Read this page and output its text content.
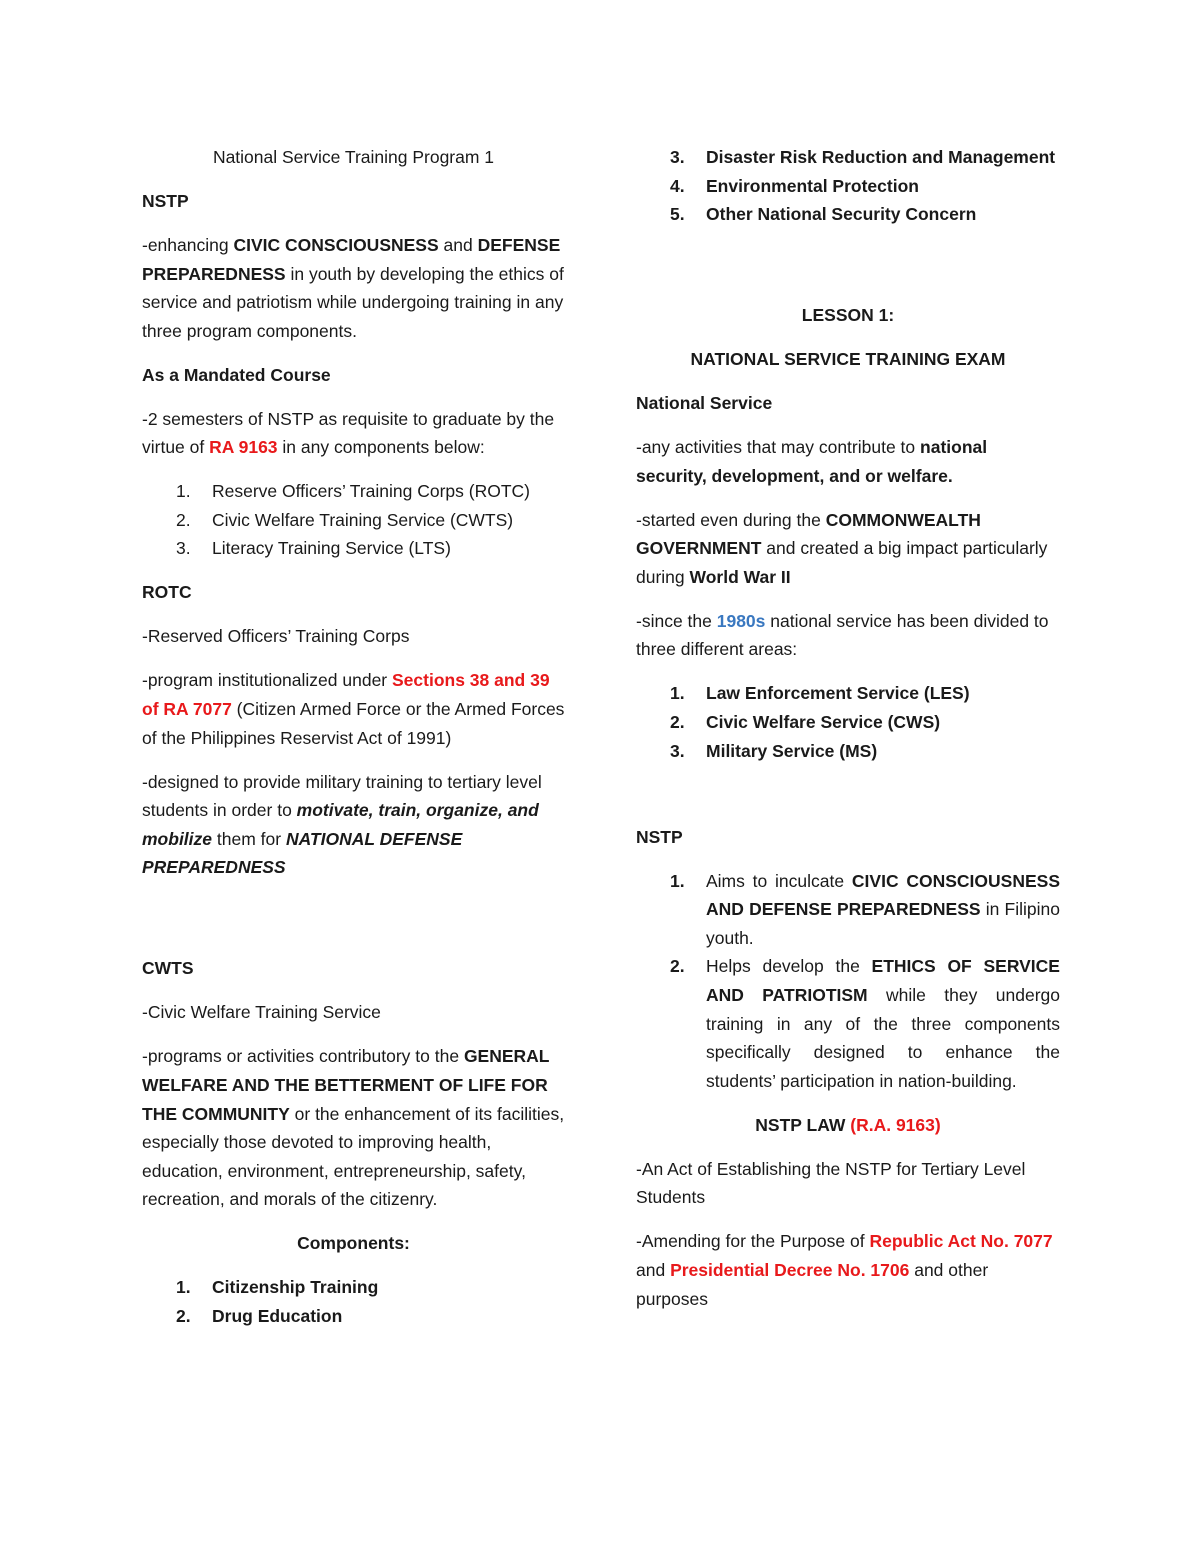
National Service Training Program 1

NSTP

-enhancing CIVIC CONSCIOUSNESS and DEFENSE PREPAREDNESS in youth by developing the ethics of service and patriotism while undergoing training in any three program components.

As a Mandated Course

-2 semesters of NSTP as requisite to graduate by the virtue of RA 9163 in any components below:

1. Reserve Officers’ Training Corps (ROTC)
2. Civic Welfare Training Service (CWTS)
3. Literacy Training Service (LTS)

ROTC

-Reserved Officers’ Training Corps

-program institutionalized under Sections 38 and 39 of RA 7077 (Citizen Armed Force or the Armed Forces of the Philippines Reservist Act of 1991)

-designed to provide military training to tertiary level students in order to motivate, train, organize, and mobilize them for NATIONAL DEFENSE PREPAREDNESS

CWTS

-Civic Welfare Training Service

-programs or activities contributory to the GENERAL WELFARE AND THE BETTERMENT OF LIFE FOR THE COMMUNITY or the enhancement of its facilities, especially those devoted to improving health, education, environment, entrepreneurship, safety, recreation, and morals of the citizenry.

Components:

1. Citizenship Training
2. Drug Education
3. Disaster Risk Reduction and Management
4. Environmental Protection
5. Other National Security Concern

LESSON 1:

NATIONAL SERVICE TRAINING EXAM

National Service

-any activities that may contribute to national security, development, and or welfare.

-started even during the COMMONWEALTH GOVERNMENT and created a big impact particularly during World War II

-since the 1980s national service has been divided to three different areas:

1. Law Enforcement Service (LES)
2. Civic Welfare Service (CWS)
3. Military Service (MS)

NSTP

1. Aims to inculcate CIVIC CONSCIOUSNESS AND DEFENSE PREPAREDNESS in Filipino youth.
2. Helps develop the ETHICS OF SERVICE AND PATRIOTISM while they undergo training in any of the three components specifically designed to enhance the students’ participation in nation-building.

NSTP LAW (R.A. 9163)

-An Act of Establishing the NSTP for Tertiary Level Students

-Amending for the Purpose of Republic Act No. 7077 and Presidential Decree No. 1706 and other purposes
